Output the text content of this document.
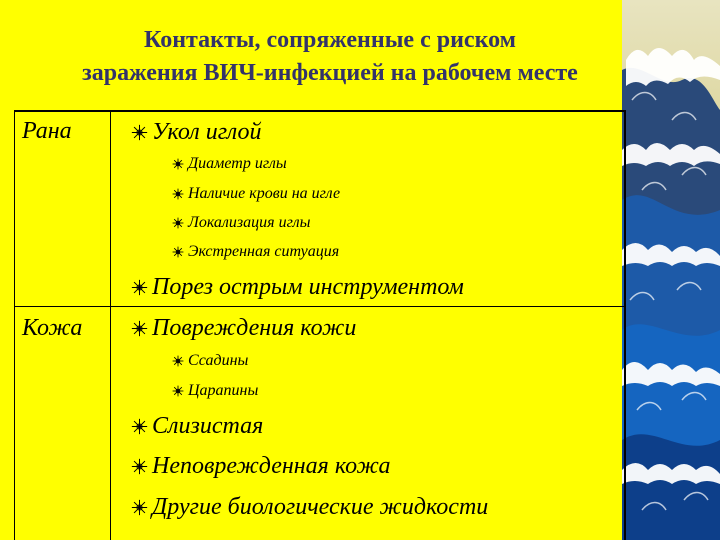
Контакты, сопряженные с риском
заражения ВИЧ-инфекцией на рабочем месте
Рана	Укол иглой
Диаметр иглы
Наличие крови на игле
Локализация иглы
Экстренная ситуация
Порез острым инструментом
Кожа	Повреждения кожи
Ссадины
Царапины
Слизистая
Неповрежденная кожа
Другие биологические жидкости
